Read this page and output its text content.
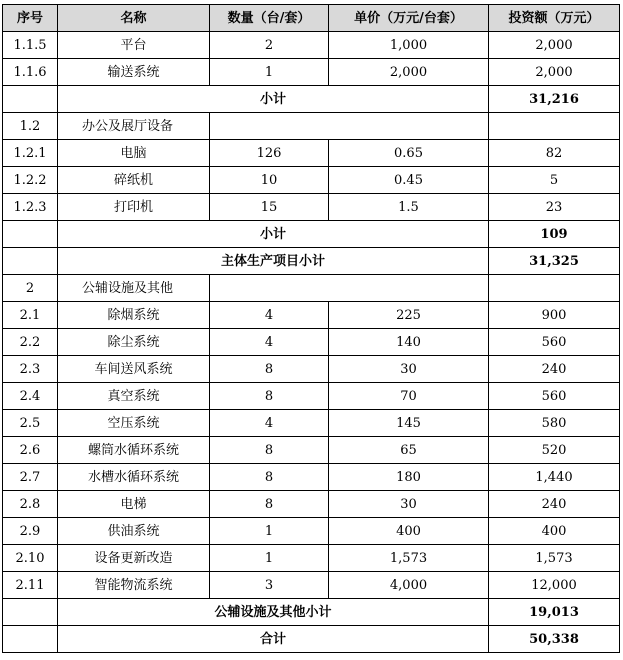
序号	名称	数量（台/套）	单价（万元/台套）	投资额（万元）
1.1.5	平台	2	1,000	2,000
1.1.6	输送系统	1	2,000	2,000
	小计			31,216
1.2	办公及展厅设备			
1.2.1	电脑	126	0.65	82
1.2.2	碎纸机	10	0.45	5
1.2.3	打印机	15	1.5	23
	小计			109
	主体生产项目小计			31,325
2	公辅设施及其他			
2.1	除烟系统	4	225	900
2.2	除尘系统	4	140	560
2.3	车间送风系统	8	30	240
2.4	真空系统	8	70	560
2.5	空压系统	4	145	580
2.6	螺筒水循环系统	8	65	520
2.7	水槽水循环系统	8	180	1,440
2.8	电梯	8	30	240
2.9	供油系统	1	400	400
2.10	设备更新改造	1	1,573	1,573
2.11	智能物流系统	3	4,000	12,000
	公辅设施及其他小计			19,013
	合计			50,338
